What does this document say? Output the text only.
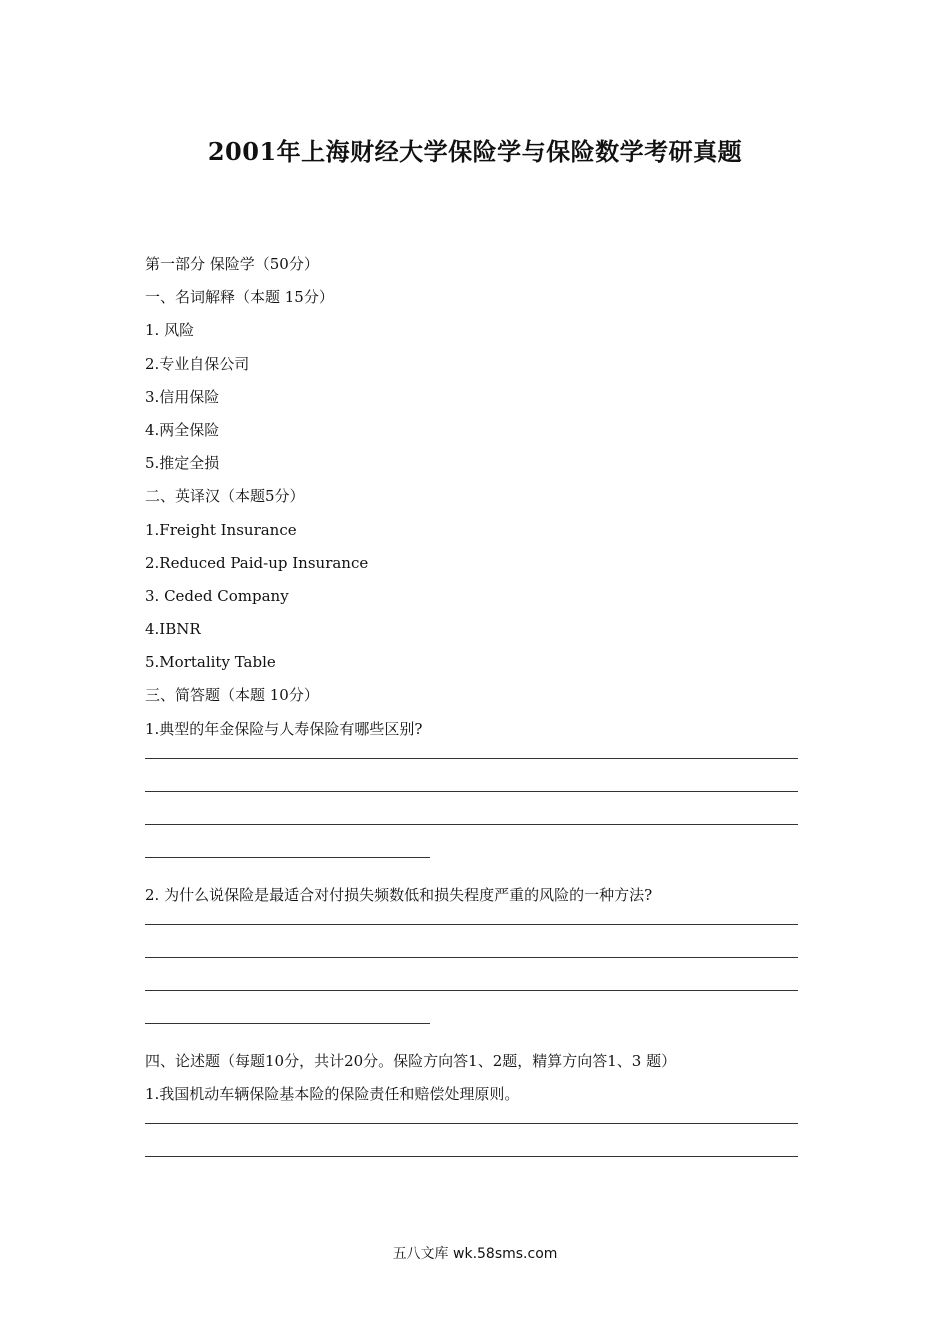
2001年上海财经大学保险学与保险数学考研真题
第一部分 保险学（50分）
一、名词解释（本题 15分）
1. 风险
2.专业自保公司
3.信用保险
4.两全保险
5.推定全损
二、英译汉（本题5分）
1.Freight Insurance
2.Reduced Paid-up Insurance
3. Ceded Company
4.IBNR
5.Mortality Table
三、简答题（本题 10分）
1.典型的年金保险与人寿保险有哪些区别?
2. 为什么说保险是最适合对付损失频数低和损失程度严重的风险的一种方法?
四、论述题（每题10分，共计20分。保险方向答1、2题，精算方向答1、3 题）
1.我国机动车辆保险基本险的保险责任和赔偿处理原则。
五八文库 wk.58sms.com
